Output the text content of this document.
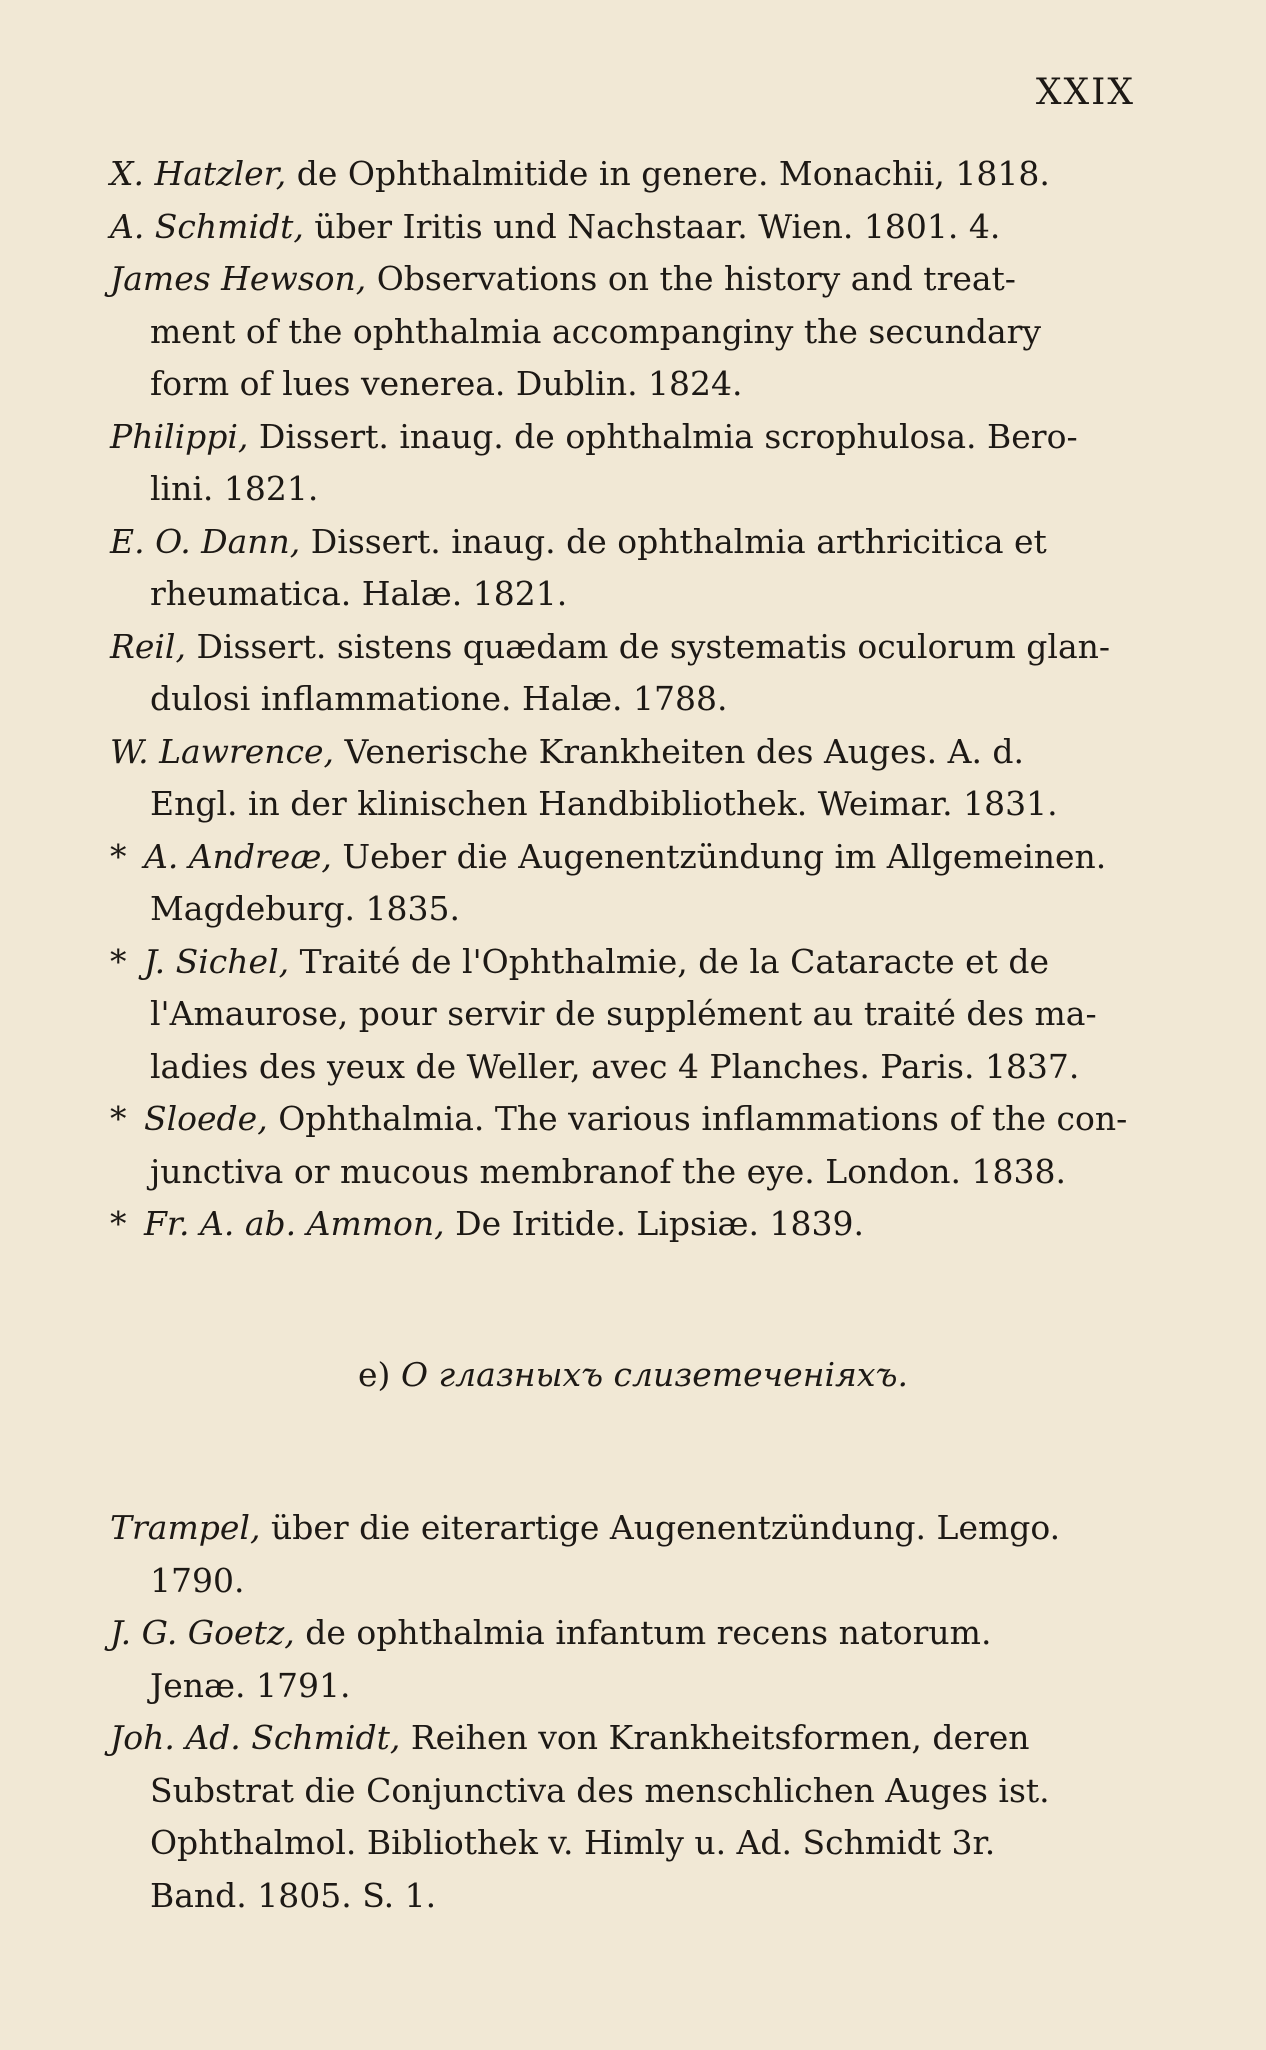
XXIX

X. Hatzler, de Ophthalmitide in genere. Monachii, 1818.

A. Schmidt, über Iritis und Nachstaar. Wien. 1801. 4.

James Hewson, Observations on the history and treat-
ment of the ophthalmia accompanginy the secundary
form of lues venerea. Dublin. 1824.

Philippi, Dissert. inaug. de ophthalmia scrophulosa. Bero-
lini. 1821.

E. O. Dann, Dissert. inaug. de ophthalmia arthricitica et
rheumatica. Halæ. 1821.

Reil, Dissert. sistens quædam de systematis oculorum glan-
dulosi inflammatione. Halæ. 1788.

W. Lawrence, Venerische Krankheiten des Auges. A. d.
Engl. in der klinischen Handbibliothek. Weimar. 1831.

* A. Andreæ, Ueber die Augenentzündung im Allgemeinen.
Magdeburg. 1835.

* J. Sichel, Traité de l'Ophthalmie, de la Cataracte et de
l'Amaurose, pour servir de supplément au traité des ma-
ladies des yeux de Weller, avec 4 Planches. Paris. 1837.

* Sloede, Ophthalmia. The various inflammations of the con-
junctiva or mucous membranof the eye. London. 1838.

* Fr. A. ab. Ammon, De Iritide. Lipsiæ. 1839.

e) О глазныхъ слизетеченіяхъ.

Trampel, über die eiterartige Augenentzündung. Lemgo.
1790.

J. G. Goetz, de ophthalmia infantum recens natorum.
Jenæ. 1791.

Joh. Ad. Schmidt, Reihen von Krankheitsformen, deren
Substrat die Conjunctiva des menschlichen Auges ist.
Ophthalmol. Bibliothek v. Himly u. Ad. Schmidt 3r.
Band. 1805. S. 1.
